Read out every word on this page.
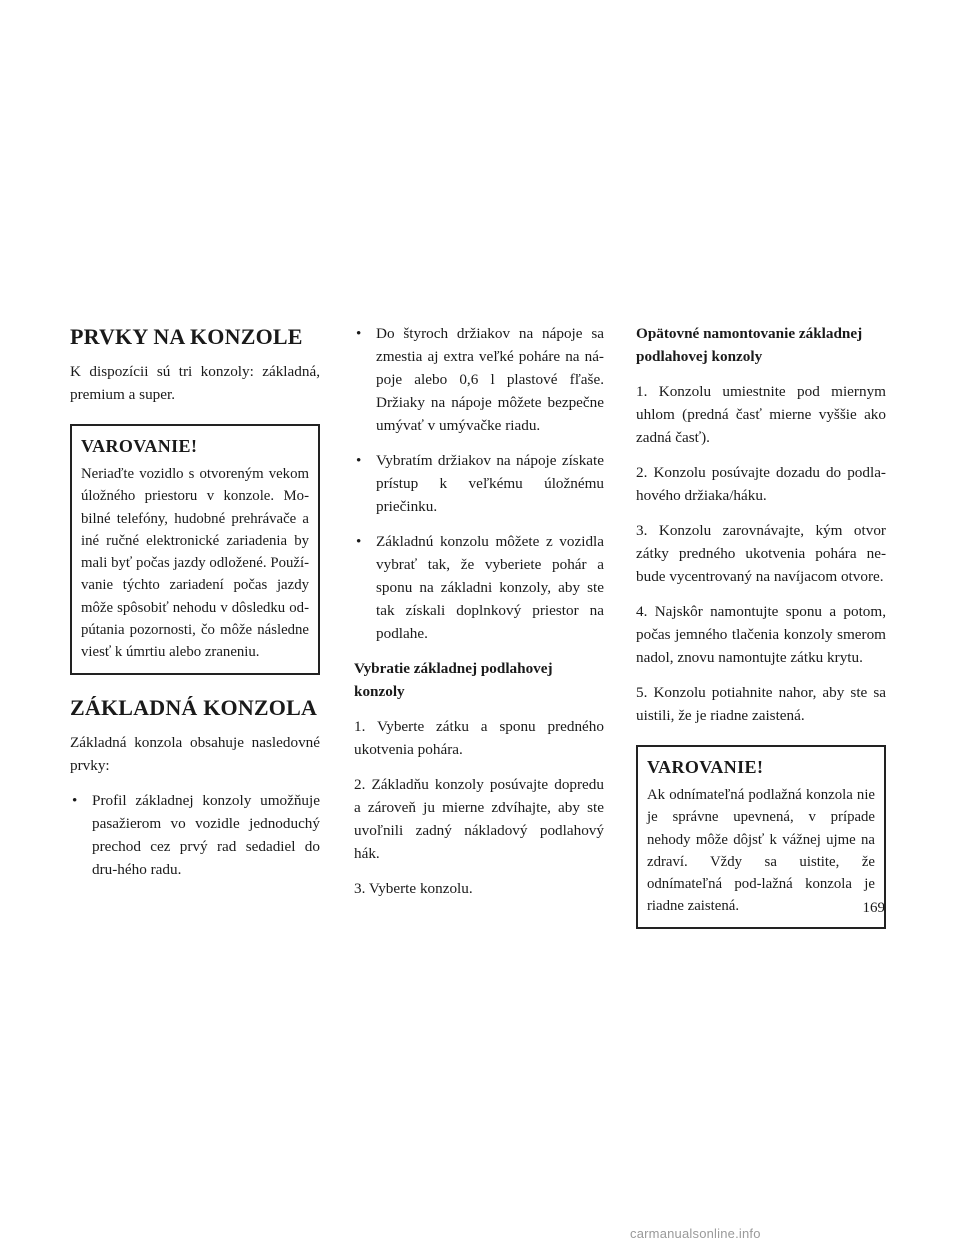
PRVKY NA KONZOLE

K dispozícii sú tri konzoly: základná, premium a super.

VAROVANIE!

Neriaďte vozidlo s otvoreným vekom úložného priestoru v konzole. Mo-bilné telefóny, hudobné prehrávače a iné ručné elektronické zariadenia by mali byť počas jazdy odložené. Použí-vanie týchto zariadení počas jazdy môže spôsobiť nehodu v dôsledku od-pútania pozornosti, čo môže následne viesť k úmrtiu alebo zraneniu.

ZÁKLADNÁ KONZOLA

Základná konzola obsahuje nasledovné prvky:

• Profil základnej konzoly umožňuje pasažierom vo vozidle jednoduchý prechod cez prvý rad sedadiel do dru-hého radu.
• Do štyroch držiakov na nápoje sa zmestia aj extra veľké poháre na ná-poje alebo 0,6 l plastové fľaše. Držiaky na nápoje môžete bezpečne umývať v umývačke riadu.
• Vybratím držiakov na nápoje získate prístup k veľkému úložnému priečinku.
• Základnú konzolu môžete z vozidla vybrať tak, že vyberiete pohár a sponu na základni konzoly, aby ste tak získali doplnkový priestor na podlahe.

Vybratie základnej podlahovej konzoly

1. Vyberte zátku a sponu predného ukotvenia pohára.

2. Základňu konzoly posúvajte dopredu a zároveň ju mierne zdvíhajte, aby ste uvoľnili zadný nákladový podlahový hák.

3. Vyberte konzolu.

Opätovné namontovanie základnej podlahovej konzoly

1. Konzolu umiestnite pod miernym uhlom (predná časť mierne vyššie ako zadná časť).

2. Konzolu posúvajte dozadu do podla-hového držiaka/háku.

3. Konzolu zarovnávajte, kým otvor zátky predného ukotvenia pohára ne-bude vycentrovaný na navíjacom otvore.

4. Najskôr namontujte sponu a potom, počas jemného tlačenia konzoly smerom nadol, znovu namontujte zátku krytu.

5. Konzolu potiahnite nahor, aby ste sa uistili, že je riadne zaistená.

VAROVANIE!

Ak odnímateľná podlažná konzola nie je správne upevnená, v prípade nehody môže dôjsť k vážnej ujme na zdraví. Vždy sa uistite, že odnímateľná pod-lažná konzola je riadne zaistená.	169
carmanualsonline.info
